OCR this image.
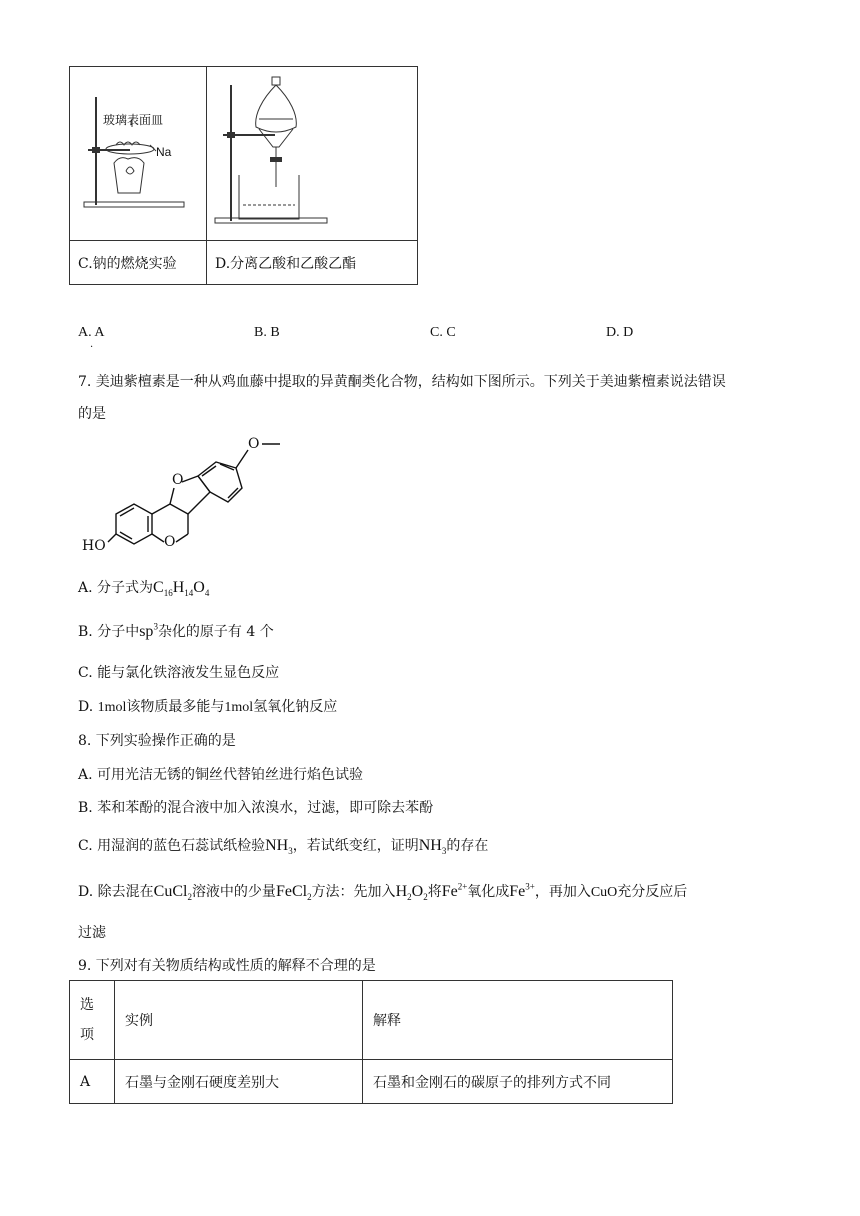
玻璃表面皿
Na

C.钠的燃烧实验	D.分离乙酸和乙酸乙酯
A. A
.
B. B	C. C	D. D
7. 美迪紫檀素是一种从鸡血藤中提取的异黄酮类化合物，结构如下图所示。下列关于美迪紫檀素说法错误
的是
HO	O
O
O
A. 分子式为$C_{16}H_{14}O_4$
B. 分子中$sp^3$杂化的原子有 4 个
C. 能与氯化铁溶液发生显色反应
D. 1mol该物质最多能与1mol氢氧化钠反应
8. 下列实验操作正确的是
A. 可用光洁无锈的铜丝代替铂丝进行焰色试验
B. 苯和苯酚的混合液中加入浓溴水，过滤，即可除去苯酚
C. 用湿润的蓝色石蕊试纸检验$NH_3$，若试纸变红，证明$NH_3$的存在
D. 除去混在CuCl$_2$溶液中的少量FeCl$_2$方法：先加入$H_2O_2$将$Fe^{2+}$氧化成$Fe^{3+}$，再加入CuO充分反应后
过滤
9. 下列对有关物质结构或性质的解释不合理的是
选
项	实例	解释
A	石墨与金刚石硬度差别大	石墨和金刚石的碳原子的排列方式不同
